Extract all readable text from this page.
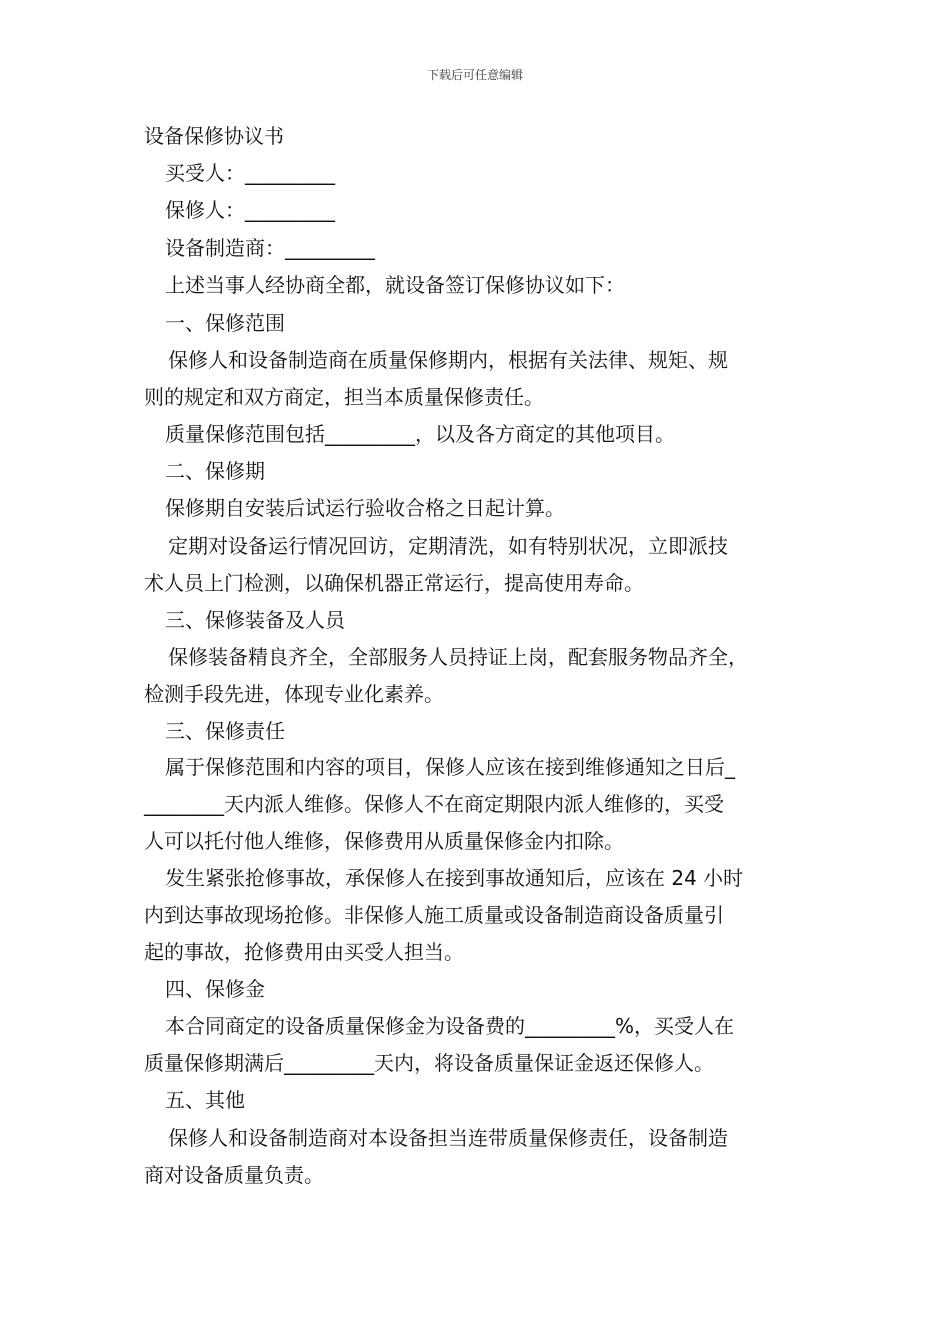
下载后可任意编辑
设备保修协议书
买受人：_________
保修人：_________
设备制造商：_________
上述当事人经协商全都，就设备签订保修协议如下：
一、保修范围
保修人和设备制造商在质量保修期内，根据有关法律、规矩、规
则的规定和双方商定，担当本质量保修责任。
质量保修范围包括_________，以及各方商定的其他项目。
二、保修期
保修期自安装后试运行验收合格之日起计算。
定期对设备运行情况回访，定期清洗，如有特别状况，立即派技
术人员上门检测，以确保机器正常运行，提高使用寿命。
三、保修装备及人员
保修装备精良齐全，全部服务人员持证上岗，配套服务物品齐全，
检测手段先进，体现专业化素养。
三、保修责任
属于保修范围和内容的项目，保修人应该在接到维修通知之日后_
________天内派人维修。保修人不在商定期限内派人维修的，买受
人可以托付他人维修，保修费用从质量保修金内扣除。
发生紧张抢修事故，承保修人在接到事故通知后，应该在 24 小时
内到达事故现场抢修。非保修人施工质量或设备制造商设备质量引
起的事故，抢修费用由买受人担当。
四、保修金
本合同商定的设备质量保修金为设备费的_________%，买受人在
质量保修期满后_________天内，将设备质量保证金返还保修人。
五、其他
保修人和设备制造商对本设备担当连带质量保修责任，设备制造
商对设备质量负责。
